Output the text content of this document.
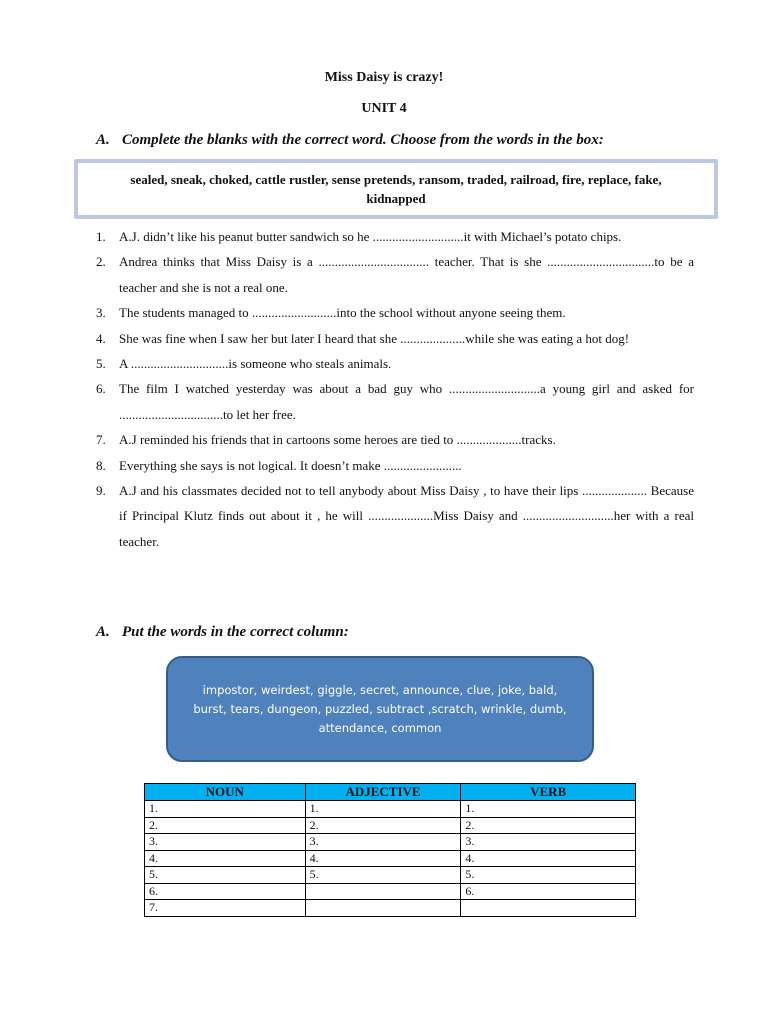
Miss Daisy is crazy!
UNIT 4
A. Complete the blanks with the correct word. Choose from the words in the box:
sealed, sneak, choked, cattle rustler, sense pretends, ransom, traded, railroad, fire, replace, fake, kidnapped
1. A.J. didn’t like his peanut butter sandwich so he ............................it with Michael’s potato chips.
2. Andrea thinks that Miss Daisy is a .................................. teacher. That is she .................................to be a teacher and she is not a real one.
3. The students managed to ..........................into the school without anyone seeing them.
4. She was fine when I saw her but later I heard that she ....................while she was eating a hot dog!
5. A ..............................is someone who steals animals.
6. The film I watched yesterday was about a bad guy who ............................a young girl and asked for ................................to let her free.
7. A.J reminded his friends that in cartoons some heroes are tied to ....................tracks.
8. Everything she says is not logical. It doesn’t make ........................
9. A.J and his classmates decided not to tell anybody about Miss Daisy , to have their lips .................... Because if Principal Klutz finds out about it , he will ....................Miss Daisy and ............................her with a real teacher.
A. Put the words in the correct column:
impostor, weirdest, giggle, secret, announce, clue, joke, bald, burst, tears, dungeon, puzzled, subtract ,scratch, wrinkle, dumb, attendance, common
NOUN	ADJECTIVE	VERB
1.	1.	1.
2.	2.	2.
3.	3.	3.
4.	4.	4.
5.	5.	5.
6.		6.
7.		
